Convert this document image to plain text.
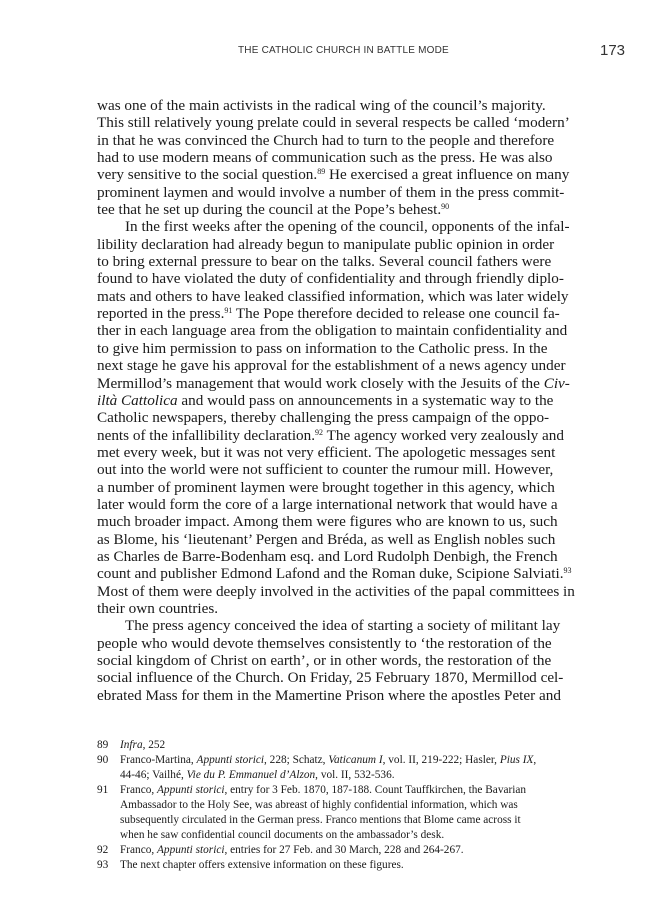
THE CATHOLIC CHURCH IN BATTLE MODE	173
was one of the main activists in the radical wing of the council’s majority.
This still relatively young prelate could in several respects be called ‘modern’
in that he was convinced the Church had to turn to the people and therefore
had to use modern means of communication such as the press. He was also
very sensitive to the social question.$^{89}$ He exercised a great influence on many
prominent laymen and would involve a number of them in the press commit-
tee that he set up during the council at the Pope’s behest.$^{90}$
In the first weeks after the opening of the council, opponents of the infal-
libility declaration had already begun to manipulate public opinion in order
to bring external pressure to bear on the talks. Several council fathers were
found to have violated the duty of confidentiality and through friendly diplo-
mats and others to have leaked classified information, which was later widely
reported in the press.$^{91}$ The Pope therefore decided to release one council fa-
ther in each language area from the obligation to maintain confidentiality and
to give him permission to pass on information to the Catholic press. In the
next stage he gave his approval for the establishment of a news agency under
Mermillod’s management that would work closely with the Jesuits of the Civ-
iltà Cattolica and would pass on announcements in a systematic way to the
Catholic newspapers, thereby challenging the press campaign of the oppo-
nents of the infallibility declaration.$^{92}$ The agency worked very zealously and
met every week, but it was not very efficient. The apologetic messages sent
out into the world were not sufficient to counter the rumour mill. However,
a number of prominent laymen were brought together in this agency, which
later would form the core of a large international network that would have a
much broader impact. Among them were figures who are known to us, such
as Blome, his ‘lieutenant’ Pergen and Bréda, as well as English nobles such
as Charles de Barre-Bodenham esq. and Lord Rudolph Denbigh, the French
count and publisher Edmond Lafond and the Roman duke, Scipione Salviati.$^{93}$
Most of them were deeply involved in the activities of the papal committees in
their own countries.
The press agency conceived the idea of starting a society of militant lay
people who would devote themselves consistently to ‘the restoration of the
social kingdom of Christ on earth’, or in other words, the restoration of the
social influence of the Church. On Friday, 25 February 1870, Mermillod cel-
ebrated Mass for them in the Mamertine Prison where the apostles Peter and
89	Infra, 252
90	Franco-Martina, Appunti storici, 228; Schatz, Vaticanum I, vol. II, 219-222; Hasler, Pius IX,
44-46; Vailhé, Vie du P. Emmanuel d’Alzon, vol. II, 532-536.
91	Franco, Appunti storici, entry for 3 Feb. 1870, 187-188. Count Tauffkirchen, the Bavarian
Ambassador to the Holy See, was abreast of highly confidential information, which was
subsequently circulated in the German press. Franco mentions that Blome came across it
when he saw confidential council documents on the ambassador’s desk.
92	Franco, Appunti storici, entries for 27 Feb. and 30 March, 228 and 264-267.
93	The next chapter offers extensive information on these figures.
